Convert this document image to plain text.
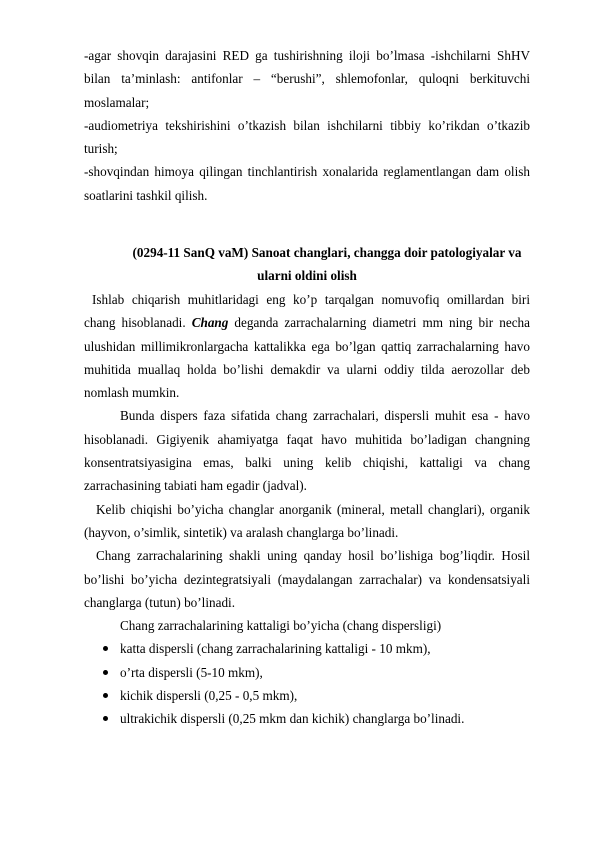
-agar shovqin darajasini RED ga tushirishning iloji bo’lmasa -ishchilarni ShHV bilan ta’minlash: antifonlar – “berushi”, shlemofonlar, quloqni berkituvchi moslamalar;

-audiometriya tekshirishini o’tkazish bilan ishchilarni tibbiy ko’rikdan o’tkazib turish;

-shovqindan himoya qilingan tinchlantirish xonalarida reglamentlangan dam olish soatlarini tashkil qilish.

(0294-11 SanQ vaM) Sanoat changlari, changga doir patologiyalar va
ularni oldini olish

Ishlab chiqarish muhitlaridagi eng ko’p tarqalgan nomuvofiq omillardan biri chang hisoblanadi. Chang deganda zarrachalarning diametri mm ning bir necha ulushidan millimikronlargacha kattalikka ega bo’lgan qattiq zarrachalarning havo muhitida muallaq holda bo’lishi demakdir va ularni oddiy tilda aerozollar deb nomlash mumkin.

Bunda dispers faza sifatida chang zarrachalari, dispersli muhit esa - havo hisoblanadi. Gigiyenik ahamiyatga faqat havo muhitida bo’ladigan changning konsentratsiyasigina emas, balki uning kelib chiqishi, kattaligi va chang zarrachasining tabiati ham egadir (jadval).

Kelib chiqishi bo’yicha changlar anorganik (mineral, metall changlari), organik (hayvon, o’simlik, sintetik) va aralash changlarga bo’linadi.

Chang zarrachalarining shakli uning qanday hosil bo’lishiga bog’liqdir. Hosil bo’lishi bo’yicha dezintegratsiyali (maydalangan zarrachalar) va kondensatsiyali changlarga (tutun) bo’linadi.

Chang zarrachalarining kattaligi bo’yicha (chang dispersligi)

katta dispersli (chang zarrachalarining kattaligi - 10 mkm),
o’rta dispersli (5-10 mkm),
kichik dispersli (0,25 - 0,5 mkm),
ultrakichik dispersli (0,25 mkm dan kichik) changlarga bo’linadi.
